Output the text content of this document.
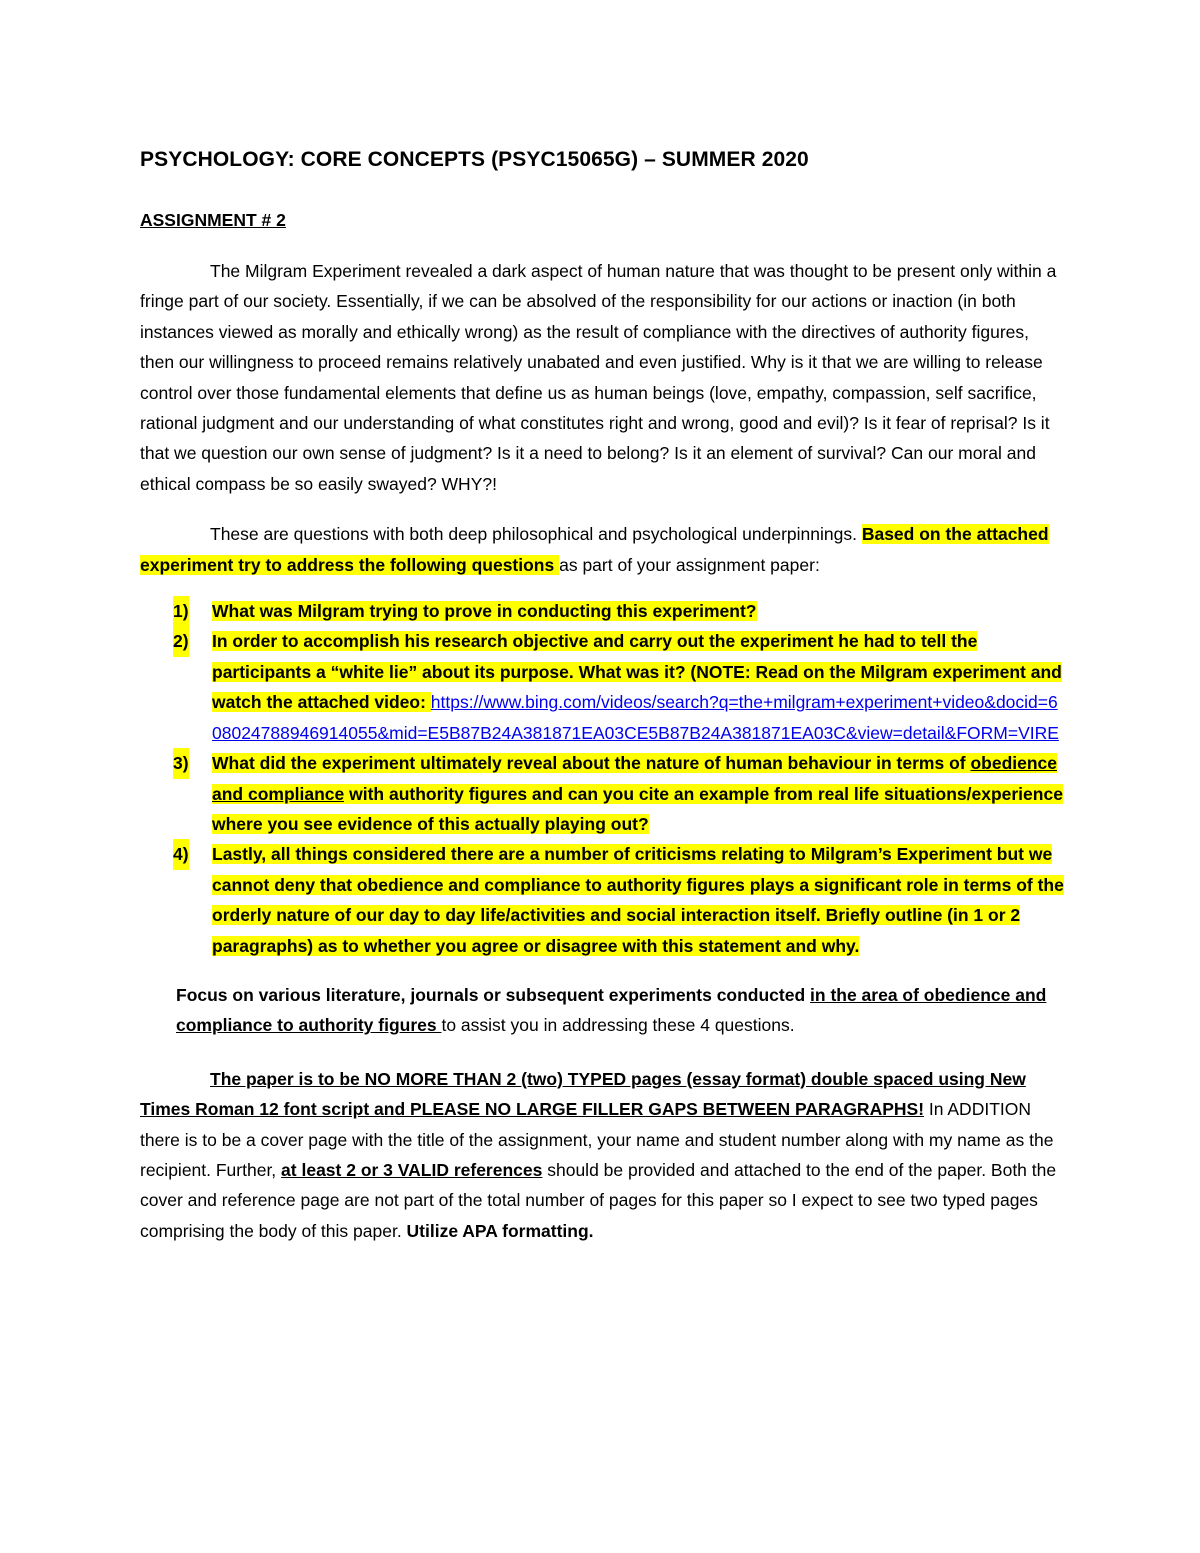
PSYCHOLOGY: CORE CONCEPTS (PSYC15065G) – SUMMER 2020
ASSIGNMENT # 2

The Milgram Experiment revealed a dark aspect of human nature that was thought to be present only within a fringe part of our society. Essentially, if we can be absolved of the responsibility for our actions or inaction (in both instances viewed as morally and ethically wrong) as the result of compliance with the directives of authority figures, then our willingness to proceed remains relatively unabated and even justified. Why is it that we are willing to release control over those fundamental elements that define us as human beings (love, empathy, compassion, self sacrifice, rational judgment and our understanding of what constitutes right and wrong, good and evil)? Is it fear of reprisal? Is it that we question our own sense of judgment? Is it a need to belong? Is it an element of survival? Can our moral and ethical compass be so easily swayed? WHY?!

These are questions with both deep philosophical and psychological underpinnings. Based on the attached experiment try to address the following questions as part of your assignment paper:

1) What was Milgram trying to prove in conducting this experiment?
2) In order to accomplish his research objective and carry out the experiment he had to tell the participants a “white lie” about its purpose. What was it? (NOTE: Read on the Milgram experiment and watch the attached video: https://www.bing.com/videos/search?q=the+milgram+experiment+video&docid=608024788946914055&mid=E5B87B24A381871EA03CE5B87B24A381871EA03C&view=detail&FORM=VIRE
3) What did the experiment ultimately reveal about the nature of human behaviour in terms of obedience and compliance with authority figures and can you cite an example from real life situations/experience where you see evidence of this actually playing out?
4) Lastly, all things considered there are a number of criticisms relating to Milgram’s Experiment but we cannot deny that obedience and compliance to authority figures plays a significant role in terms of the orderly nature of our day to day life/activities and social interaction itself. Briefly outline (in 1 or 2 paragraphs) as to whether you agree or disagree with this statement and why.

Focus on various literature, journals or subsequent experiments conducted in the area of obedience and compliance to authority figures to assist you in addressing these 4 questions.

The paper is to be NO MORE THAN 2 (two) TYPED pages (essay format) double spaced using New Times Roman 12 font script and PLEASE NO LARGE FILLER GAPS BETWEEN PARAGRAPHS! In ADDITION there is to be a cover page with the title of the assignment, your name and student number along with my name as the recipient. Further, at least 2 or 3 VALID references should be provided and attached to the end of the paper. Both the cover and reference page are not part of the total number of pages for this paper so I expect to see two typed pages comprising the body of this paper. Utilize APA formatting.
